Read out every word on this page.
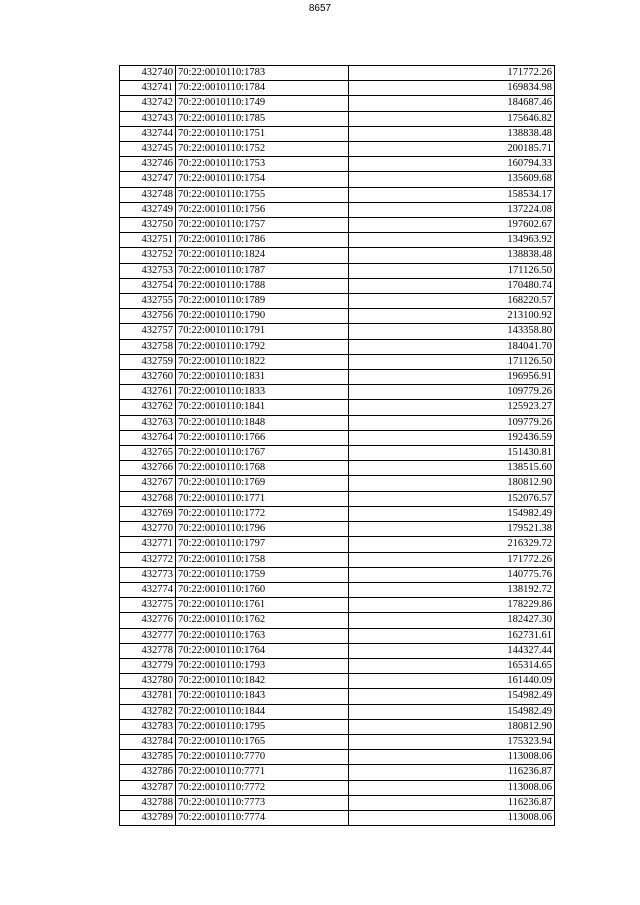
8657
432740	70:22:0010110:1783	171772.26
432741	70:22:0010110:1784	169834.98
432742	70:22:0010110:1749	184687.46
432743	70:22:0010110:1785	175646.82
432744	70:22:0010110:1751	138838.48
432745	70:22:0010110:1752	200185.71
432746	70:22:0010110:1753	160794.33
432747	70:22:0010110:1754	135609.68
432748	70:22:0010110:1755	158534.17
432749	70:22:0010110:1756	137224.08
432750	70:22:0010110:1757	197602.67
432751	70:22:0010110:1786	134963.92
432752	70:22:0010110:1824	138838.48
432753	70:22:0010110:1787	171126.50
432754	70:22:0010110:1788	170480.74
432755	70:22:0010110:1789	168220.57
432756	70:22:0010110:1790	213100.92
432757	70:22:0010110:1791	143358.80
432758	70:22:0010110:1792	184041.70
432759	70:22:0010110:1822	171126.50
432760	70:22:0010110:1831	196956.91
432761	70:22:0010110:1833	109779.26
432762	70:22:0010110:1841	125923.27
432763	70:22:0010110:1848	109779.26
432764	70:22:0010110:1766	192436.59
432765	70:22:0010110:1767	151430.81
432766	70:22:0010110:1768	138515.60
432767	70:22:0010110:1769	180812.90
432768	70:22:0010110:1771	152076.57
432769	70:22:0010110:1772	154982.49
432770	70:22:0010110:1796	179521.38
432771	70:22:0010110:1797	216329.72
432772	70:22:0010110:1758	171772.26
432773	70:22:0010110:1759	140775.76
432774	70:22:0010110:1760	138192.72
432775	70:22:0010110:1761	178229.86
432776	70:22:0010110:1762	182427.30
432777	70:22:0010110:1763	162731.61
432778	70:22:0010110:1764	144327.44
432779	70:22:0010110:1793	165314.65
432780	70:22:0010110:1842	161440.09
432781	70:22:0010110:1843	154982.49
432782	70:22:0010110:1844	154982.49
432783	70:22:0010110:1795	180812.90
432784	70:22:0010110:1765	175323.94
432785	70:22:0010110:7770	113008.06
432786	70:22:0010110:7771	116236.87
432787	70:22:0010110:7772	113008.06
432788	70:22:0010110:7773	116236.87
432789	70:22:0010110:7774	113008.06
